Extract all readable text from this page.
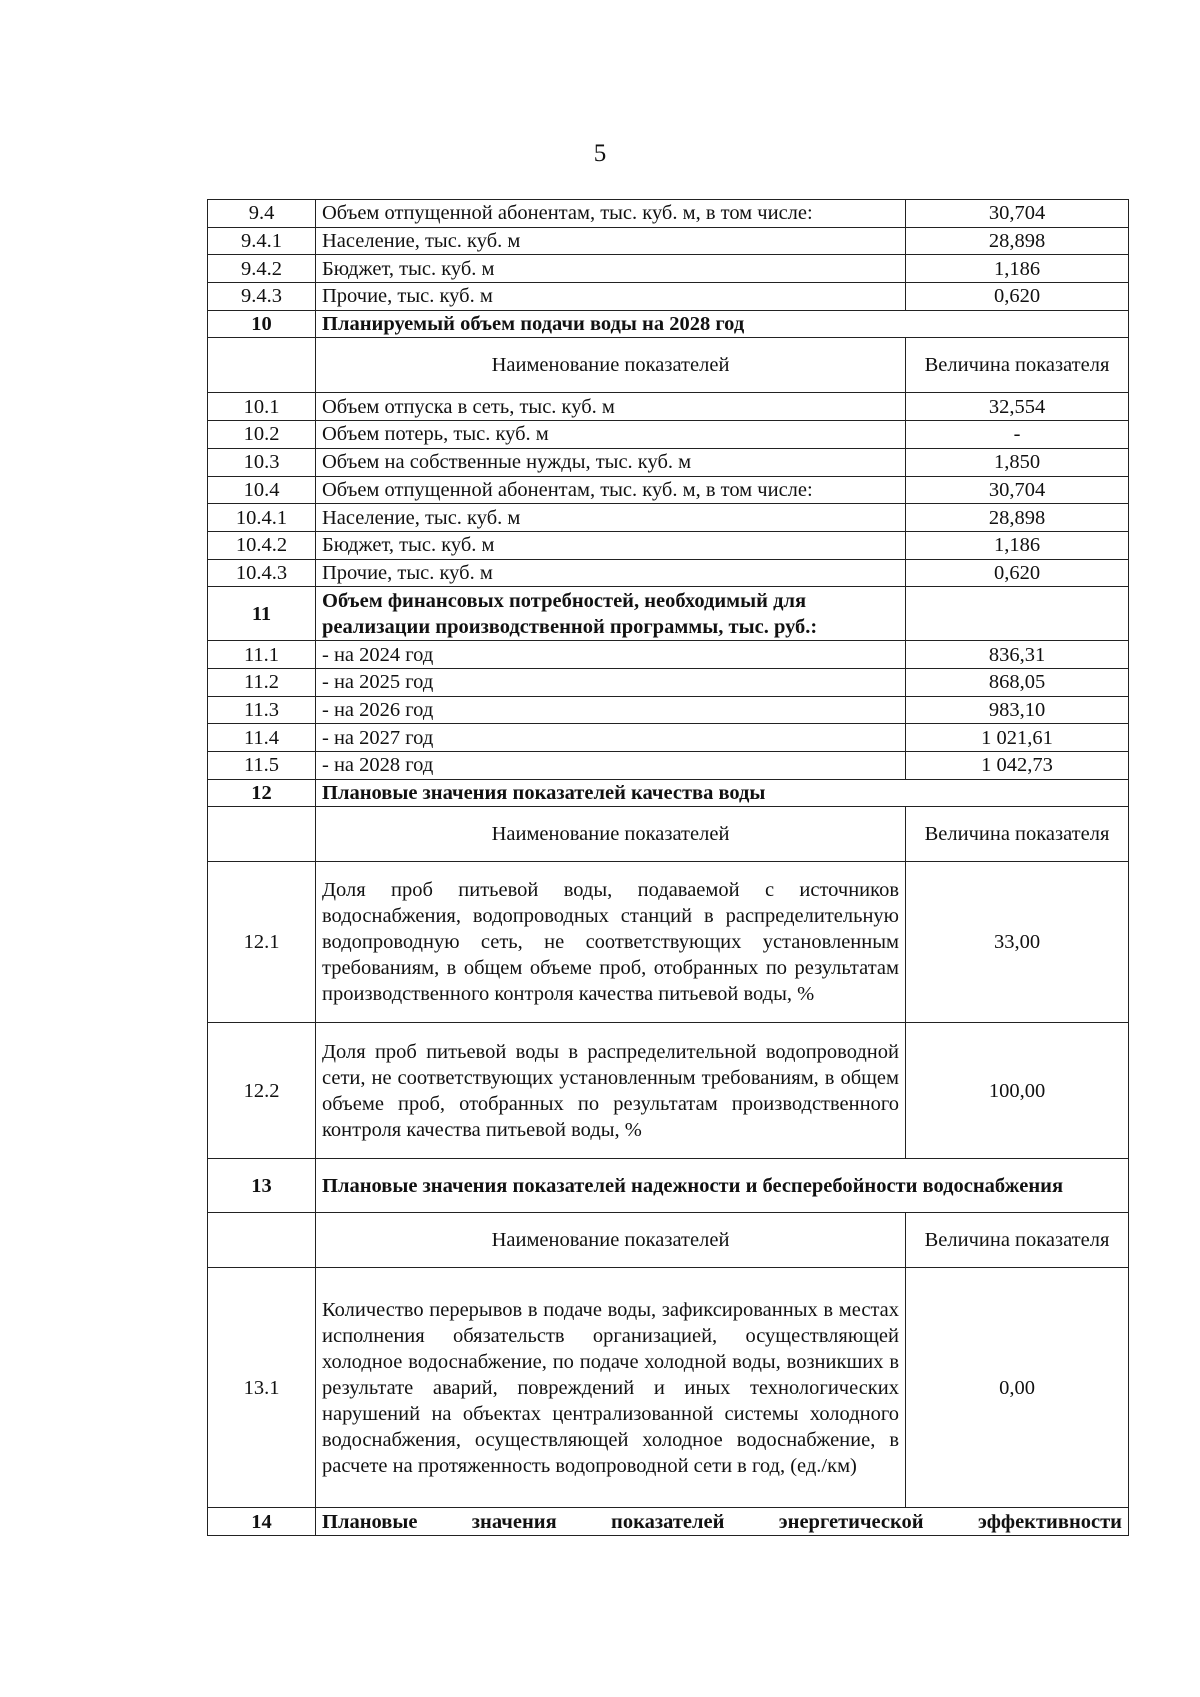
5
9.4	Объем отпущенной абонентам, тыс. куб. м, в том числе:	30,704
9.4.1	Население, тыс. куб. м	28,898
9.4.2	Бюджет, тыс. куб. м	1,186
9.4.3	Прочие, тыс. куб. м	0,620
10	Планируемый объем подачи воды на 2028 год	
	Наименование показателей	Величина показателя
10.1	Объем отпуска в сеть, тыс. куб. м	32,554
10.2	Объем потерь, тыс. куб. м	-
10.3	Объем на собственные нужды, тыс. куб. м	1,850
10.4	Объем отпущенной абонентам, тыс. куб. м, в том числе:	30,704
10.4.1	Население, тыс. куб. м	28,898
10.4.2	Бюджет, тыс. куб. м	1,186
10.4.3	Прочие, тыс. куб. м	0,620
11	Объем финансовых потребностей, необходимый для реализации производственной программы, тыс. руб.:	
11.1	- на 2024 год	836,31
11.2	- на 2025 год	868,05
11.3	- на 2026 год	983,10
11.4	- на 2027 год	1 021,61
11.5	- на 2028 год	1 042,73
12	Плановые значения показателей качества воды	
	Наименование показателей	Величина показателя
12.1	Доля проб питьевой воды, подаваемой с источников водоснабжения, водопроводных станций в распределительную водопроводную сеть, не соответствующих установленным требованиям, в общем объеме проб, отобранных по результатам производственного контроля качества питьевой воды, %	33,00
12.2	Доля проб питьевой воды в распределительной водопроводной сети, не соответствующих установленным требованиям, в общем объеме проб, отобранных по результатам производственного контроля качества питьевой воды, %	100,00
13	Плановые значения показателей надежности и бесперебойности водоснабжения	
	Наименование показателей	Величина показателя
13.1	Количество перерывов в подаче воды, зафиксированных в местах исполнения обязательств организацией, осуществляющей холодное водоснабжение, по подаче холодной воды, возникших в результате аварий, повреждений и иных технологических нарушений на объектах централизованной системы холодного водоснабжения, осуществляющей холодное водоснабжение, в расчете на протяженность водопроводной сети в год, (ед./км)	0,00
14	Плановые значения показателей энергетической эффективности	
